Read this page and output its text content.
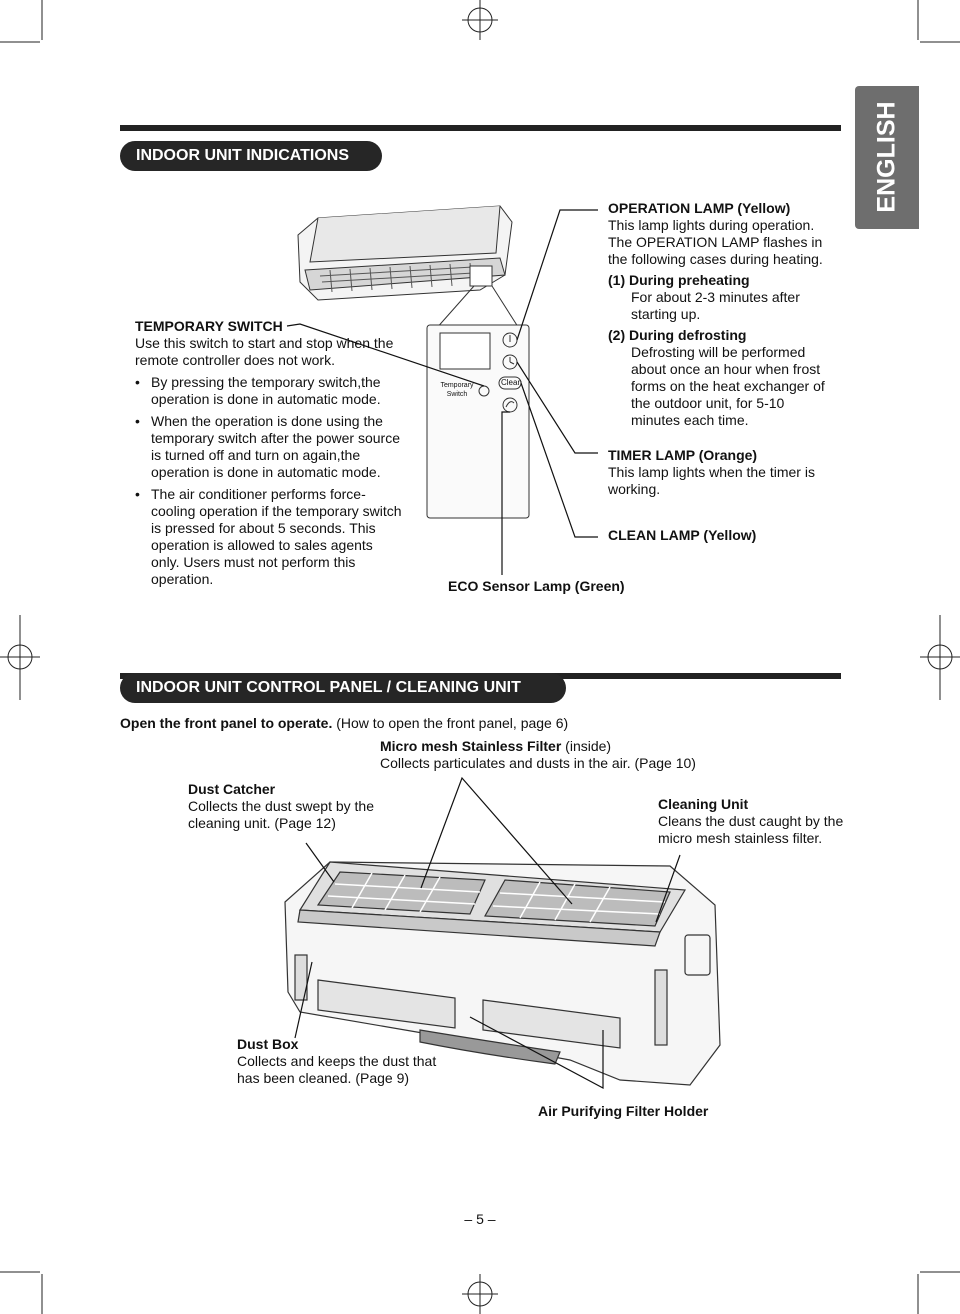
ENGLISH
INDOOR UNIT INDICATIONS

TEMPORARY SWITCH

Use this switch to start and stop when the remote controller does not work.

• By pressing the temporary switch,the operation is done in automatic mode.

• When the operation is done using the temporary switch after the power source is turned off and turn on again,the operation is done in automatic mode.

• The air conditioner performs force-cooling operation if the temporary switch is pressed for about 5 seconds. This operation is allowed to sales agents only. Users must not perform this operation.

Temporary
Switch
Clean

OPERATION LAMP (Yellow)

This lamp lights during operation. The OPERATION LAMP flashes in the following cases during heating.

(1) During preheating

For about 2-3 minutes after starting up.

(2) During defrosting

Defrosting will be performed about once an hour when frost forms on the heat exchanger of the outdoor unit, for 5-10 minutes each time.

TIMER LAMP (Orange)

This lamp lights when the timer is working.

CLEAN LAMP (Yellow)
ECO Sensor Lamp (Green)
INDOOR UNIT CONTROL PANEL / CLEANING UNIT
Open the front panel to operate. (How to open the front panel, page 6)

Micro mesh Stainless Filter (inside)

Collects particulates and dusts in the air. (Page 10)

Dust Catcher

Collects the dust swept by the cleaning unit. (Page 12)

Cleaning Unit

Cleans the dust caught by the micro mesh stainless filter.

Dust Box

Collects and keeps the dust that has been cleaned. (Page 9)

Air Purifying Filter Holder
– 5 –
